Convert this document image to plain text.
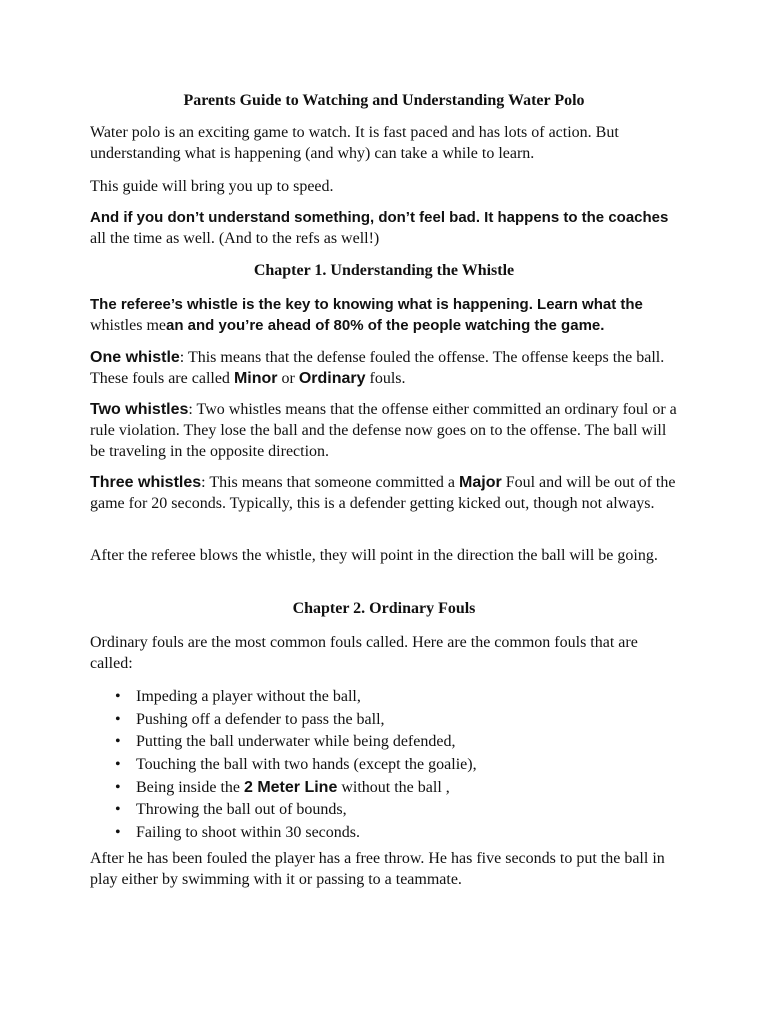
Parents Guide to Watching and Understanding Water Polo

Water polo is an exciting game to watch. It is fast paced and has lots of action. But understanding what is happening (and why) can take a while to learn.

This guide will bring you up to speed.

And if you don’t understand something, don’t feel bad. It happens to the coaches all the time as well. (And to the refs as well!)

Chapter 1. Understanding the Whistle

The referee’s whistle is the key to knowing what is happening. Learn what the whistles mean and you’re ahead of 80% of the people watching the game.

One whistle: This means that the defense fouled the offense. The offense keeps the ball. These fouls are called Minor or Ordinary fouls.

Two whistles: Two whistles means that the offense either committed an ordinary foul or a rule violation. They lose the ball and the defense now goes on to the offense. The ball will be traveling in the opposite direction.

Three whistles: This means that someone committed a Major Foul and will be out of the game for 20 seconds. Typically, this is a defender getting kicked out, though not always.

After the referee blows the whistle, they will point in the direction the ball will be going.

Chapter 2. Ordinary Fouls

Ordinary fouls are the most common fouls called. Here are the common fouls that are called:

• Impeding a player without the ball,
• Pushing off a defender to pass the ball,
• Putting the ball underwater while being defended,
• Touching the ball with two hands (except the goalie),
• Being inside the 2 Meter Line without the ball ,
• Throwing the ball out of bounds,
• Failing to shoot within 30 seconds.

After he has been fouled the player has a free throw. He has five seconds to put the ball in play either by swimming with it or passing to a teammate.
